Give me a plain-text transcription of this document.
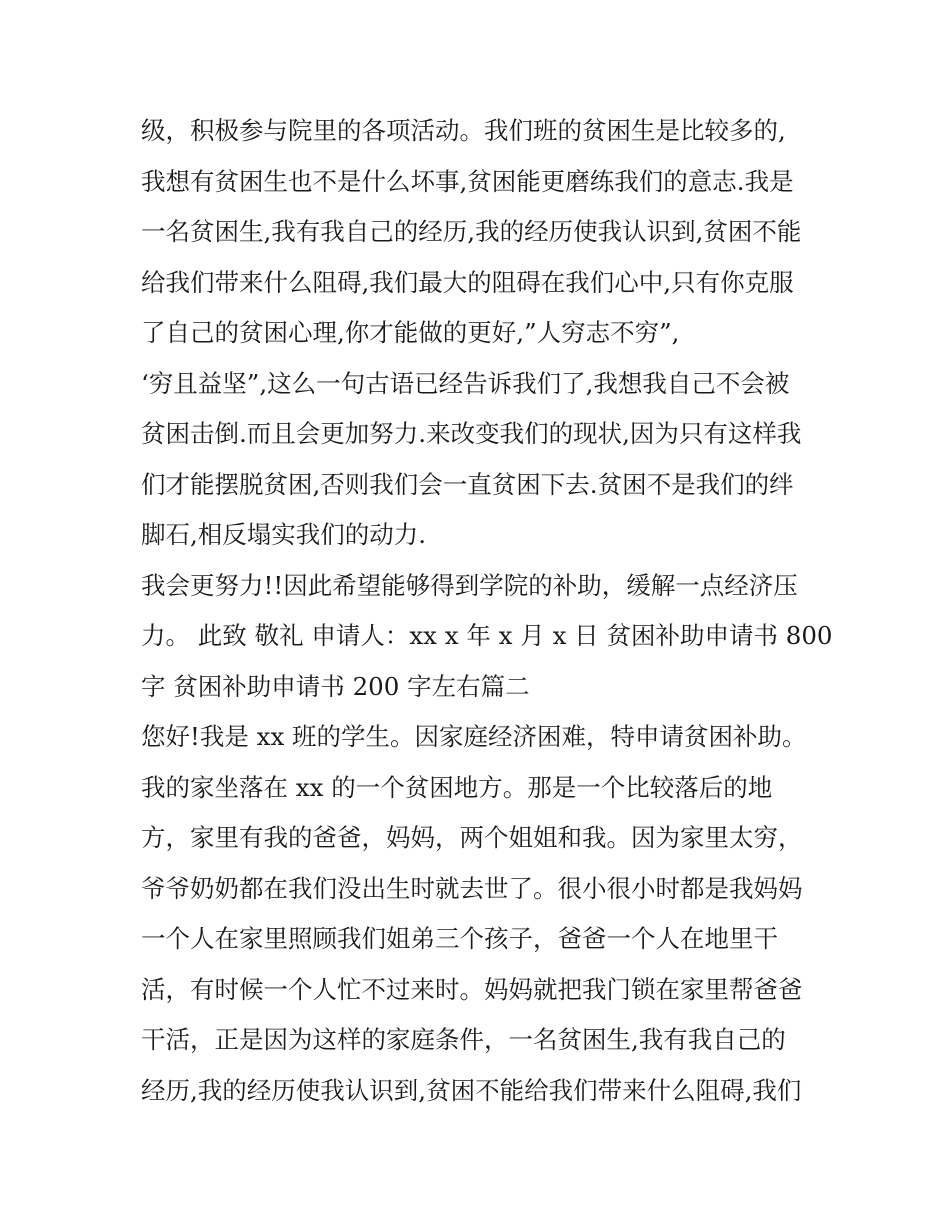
级，积极参与院里的各项活动。我们班的贫困生是比较多的,
我想有贫困生也不是什么坏事,贫困能更磨练我们的意志.我是
一名贫困生,我有我自己的经历,我的经历使我认识到,贫困不能
给我们带来什么阻碍,我们最大的阻碍在我们心中,只有你克服
了自己的贫困心理,你才能做的更好,”人穷志不穷”,
‘穷且益坚”,这么一句古语已经告诉我们了,我想我自己不会被
贫困击倒.而且会更加努力.来改变我们的现状,因为只有这样我
们才能摆脱贫困,否则我们会一直贫困下去.贫困不是我们的绊
脚石,相反塌实我们的动力.
我会更努力!!因此希望能够得到学院的补助，缓解一点经济压
力。 此致 敬礼 申请人：xx x 年 x 月 x 日 贫困补助申请书 800
字 贫困补助申请书 200 字左右篇二
您好!我是 xx 班的学生。因家庭经济困难，特申请贫困补助。
我的家坐落在 xx 的一个贫困地方。那是一个比较落后的地
方，家里有我的爸爸，妈妈，两个姐姐和我。因为家里太穷，
爷爷奶奶都在我们没出生时就去世了。很小很小时都是我妈妈
一个人在家里照顾我们姐弟三个孩子，爸爸一个人在地里干
活，有时候一个人忙不过来时。妈妈就把我门锁在家里帮爸爸
干活，正是因为这样的家庭条件，一名贫困生,我有我自己的
经历,我的经历使我认识到,贫困不能给我们带来什么阻碍,我们
